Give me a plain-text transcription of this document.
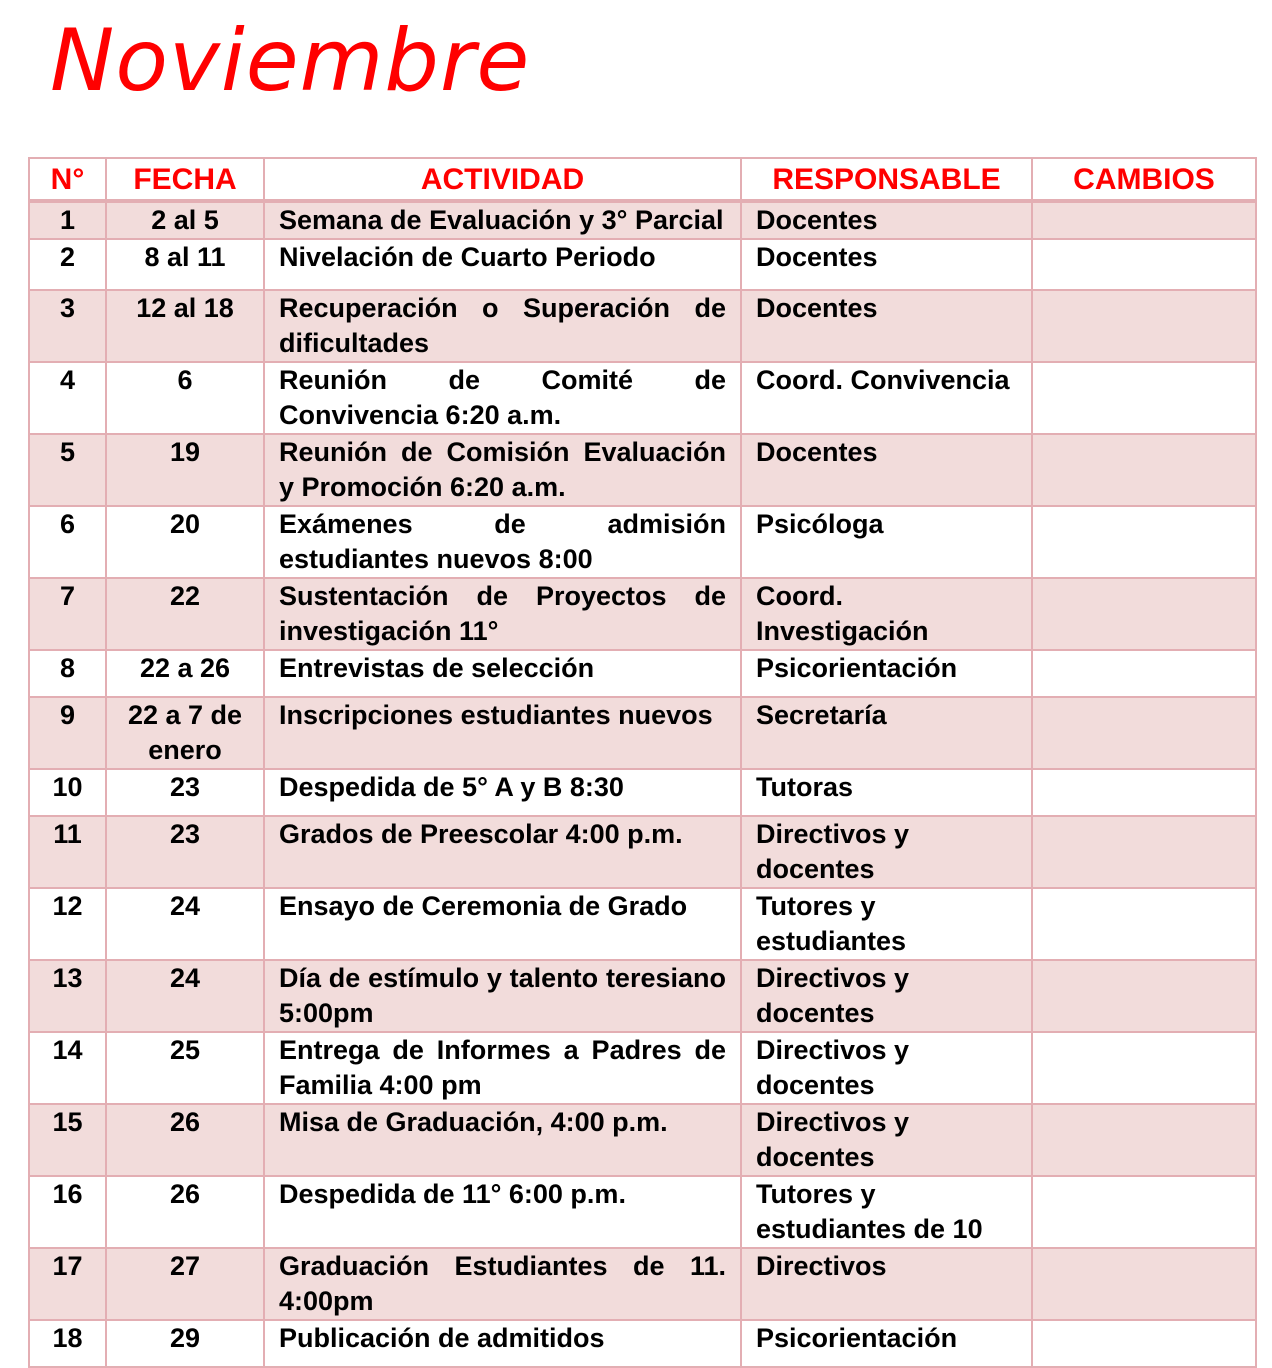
Noviembre
N°	FECHA	ACTIVIDAD	RESPONSABLE	CAMBIOS
1	2 al 5	Semana de Evaluación y 3° Parcial	Docentes	
2	8 al 11	Nivelación de Cuarto Periodo	Docentes	
3	12 al 18	Recuperación o Superación de dificultades	Docentes	
4	6	Reunión de Comité de Convivencia 6:20 a.m.	Coord. Convivencia	
5	19	Reunión de Comisión Evaluación y Promoción 6:20 a.m.	Docentes	
6	20	Exámenes de admisión estudiantes nuevos 8:00	Psicóloga	
7	22	Sustentación de Proyectos de investigación 11°	Coord. Investigación	
8	22 a 26	Entrevistas de selección	Psicorientación	
9	22 a 7 de enero	Inscripciones estudiantes nuevos	Secretaría	
10	23	Despedida de 5° A y B 8:30	Tutoras	
11	23	Grados de Preescolar 4:00 p.m.	Directivos y docentes	
12	24	Ensayo de Ceremonia de Grado	Tutores y estudiantes	
13	24	Día de estímulo y talento teresiano 5:00pm	Directivos y docentes	
14	25	Entrega de Informes a Padres de Familia 4:00 pm	Directivos y docentes	
15	26	Misa de Graduación, 4:00 p.m.	Directivos y docentes	
16	26	Despedida de 11° 6:00 p.m.	Tutores y estudiantes de 10	
17	27	Graduación Estudiantes de 11. 4:00pm	Directivos	
18	29	Publicación de admitidos	Psicorientación	
